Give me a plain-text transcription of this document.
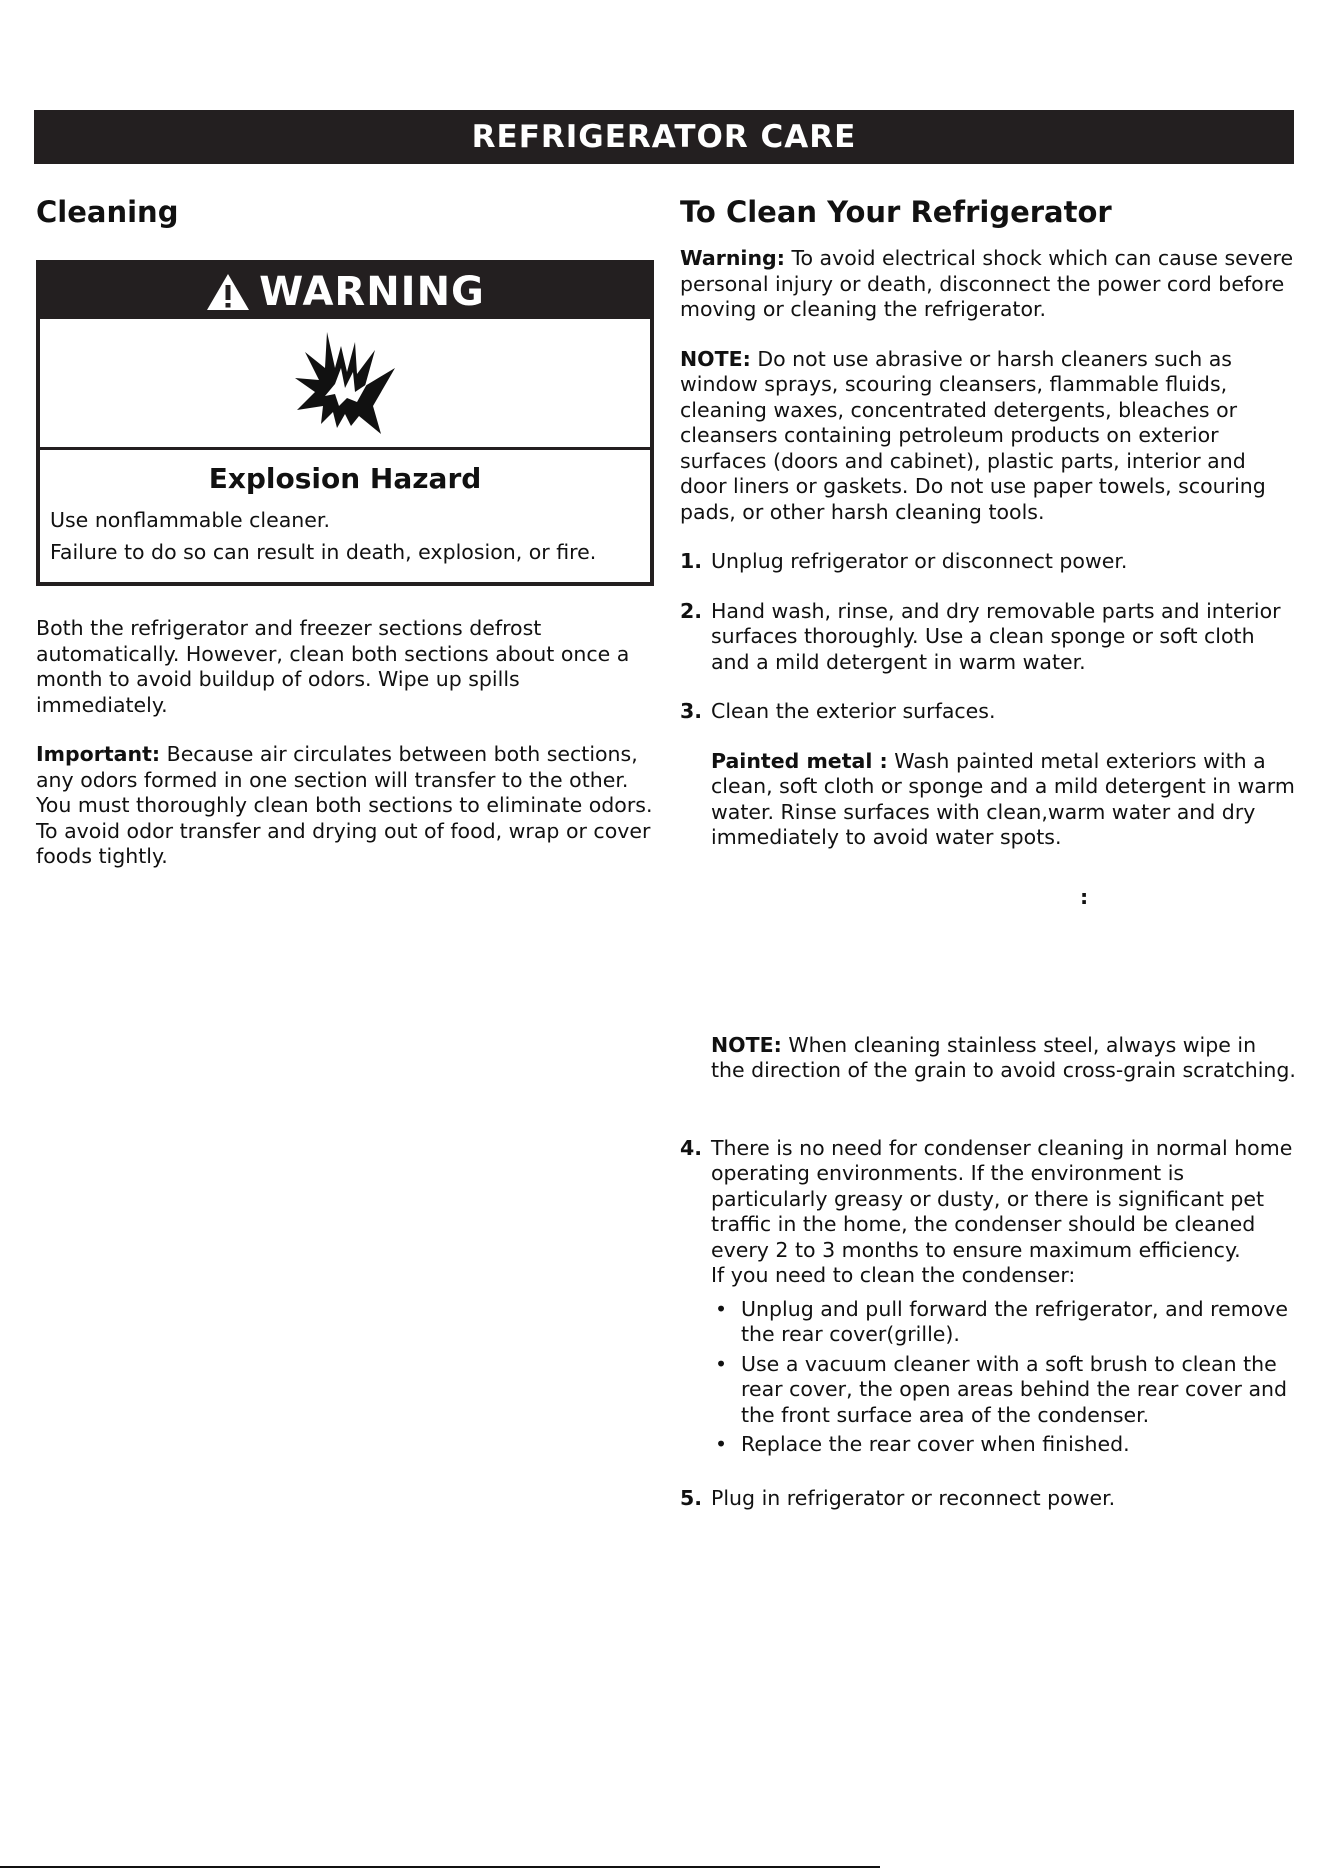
REFRIGERATOR CARE
Cleaning
WARNING
Explosion Hazard

Use nonflammable cleaner.

Failure to do so can result in death, explosion, or fire.

Both the refrigerator and freezer sections defrost automatically. However, clean both sections about once a month to avoid buildup of odors. Wipe up spills immediately.

Important: Because air circulates between both sections, any odors formed in one section will transfer to the other. You must thoroughly clean both sections to eliminate odors. To avoid odor transfer and drying out of food, wrap or cover foods tightly.

To Clean Your Refrigerator

Warning: To avoid electrical shock which can cause severe personal injury or death, disconnect the power cord before moving or cleaning the refrigerator.

NOTE: Do not use abrasive or harsh cleaners such as window sprays, scouring cleansers, flammable fluids, cleaning waxes, concentrated detergents, bleaches or cleansers containing petroleum products on exterior surfaces (doors and cabinet), plastic parts, interior and door liners or gaskets. Do not use paper towels, scouring pads, or other harsh cleaning tools.

1. Unplug refrigerator or disconnect power.
2. Hand wash, rinse, and dry removable parts and interior surfaces thoroughly. Use a clean sponge or soft cloth and a mild detergent in warm water.
3. Clean the exterior surfaces.

Painted metal : Wash painted metal exteriors with a clean, soft cloth or sponge and a mild detergent in warm water. Rinse surfaces with clean,warm water and dry immediately to avoid water spots.

:

NOTE: When cleaning stainless steel, always wipe in the direction of the grain to avoid cross-grain scratching.

4. There is no need for condenser cleaning in normal home operating environments. If the environment is particularly greasy or dusty, or there is significant pet traffic in the home, the condenser should be cleaned every 2 to 3 months to ensure maximum efficiency.

If you need to clean the condenser:

• Unplug and pull forward the refrigerator, and remove the rear cover(grille).
• Use a vacuum cleaner with a soft brush to clean the rear cover, the open areas behind the rear cover and the front surface area of the condenser.
• Replace the rear cover when finished.
5. Plug in refrigerator or reconnect power.
